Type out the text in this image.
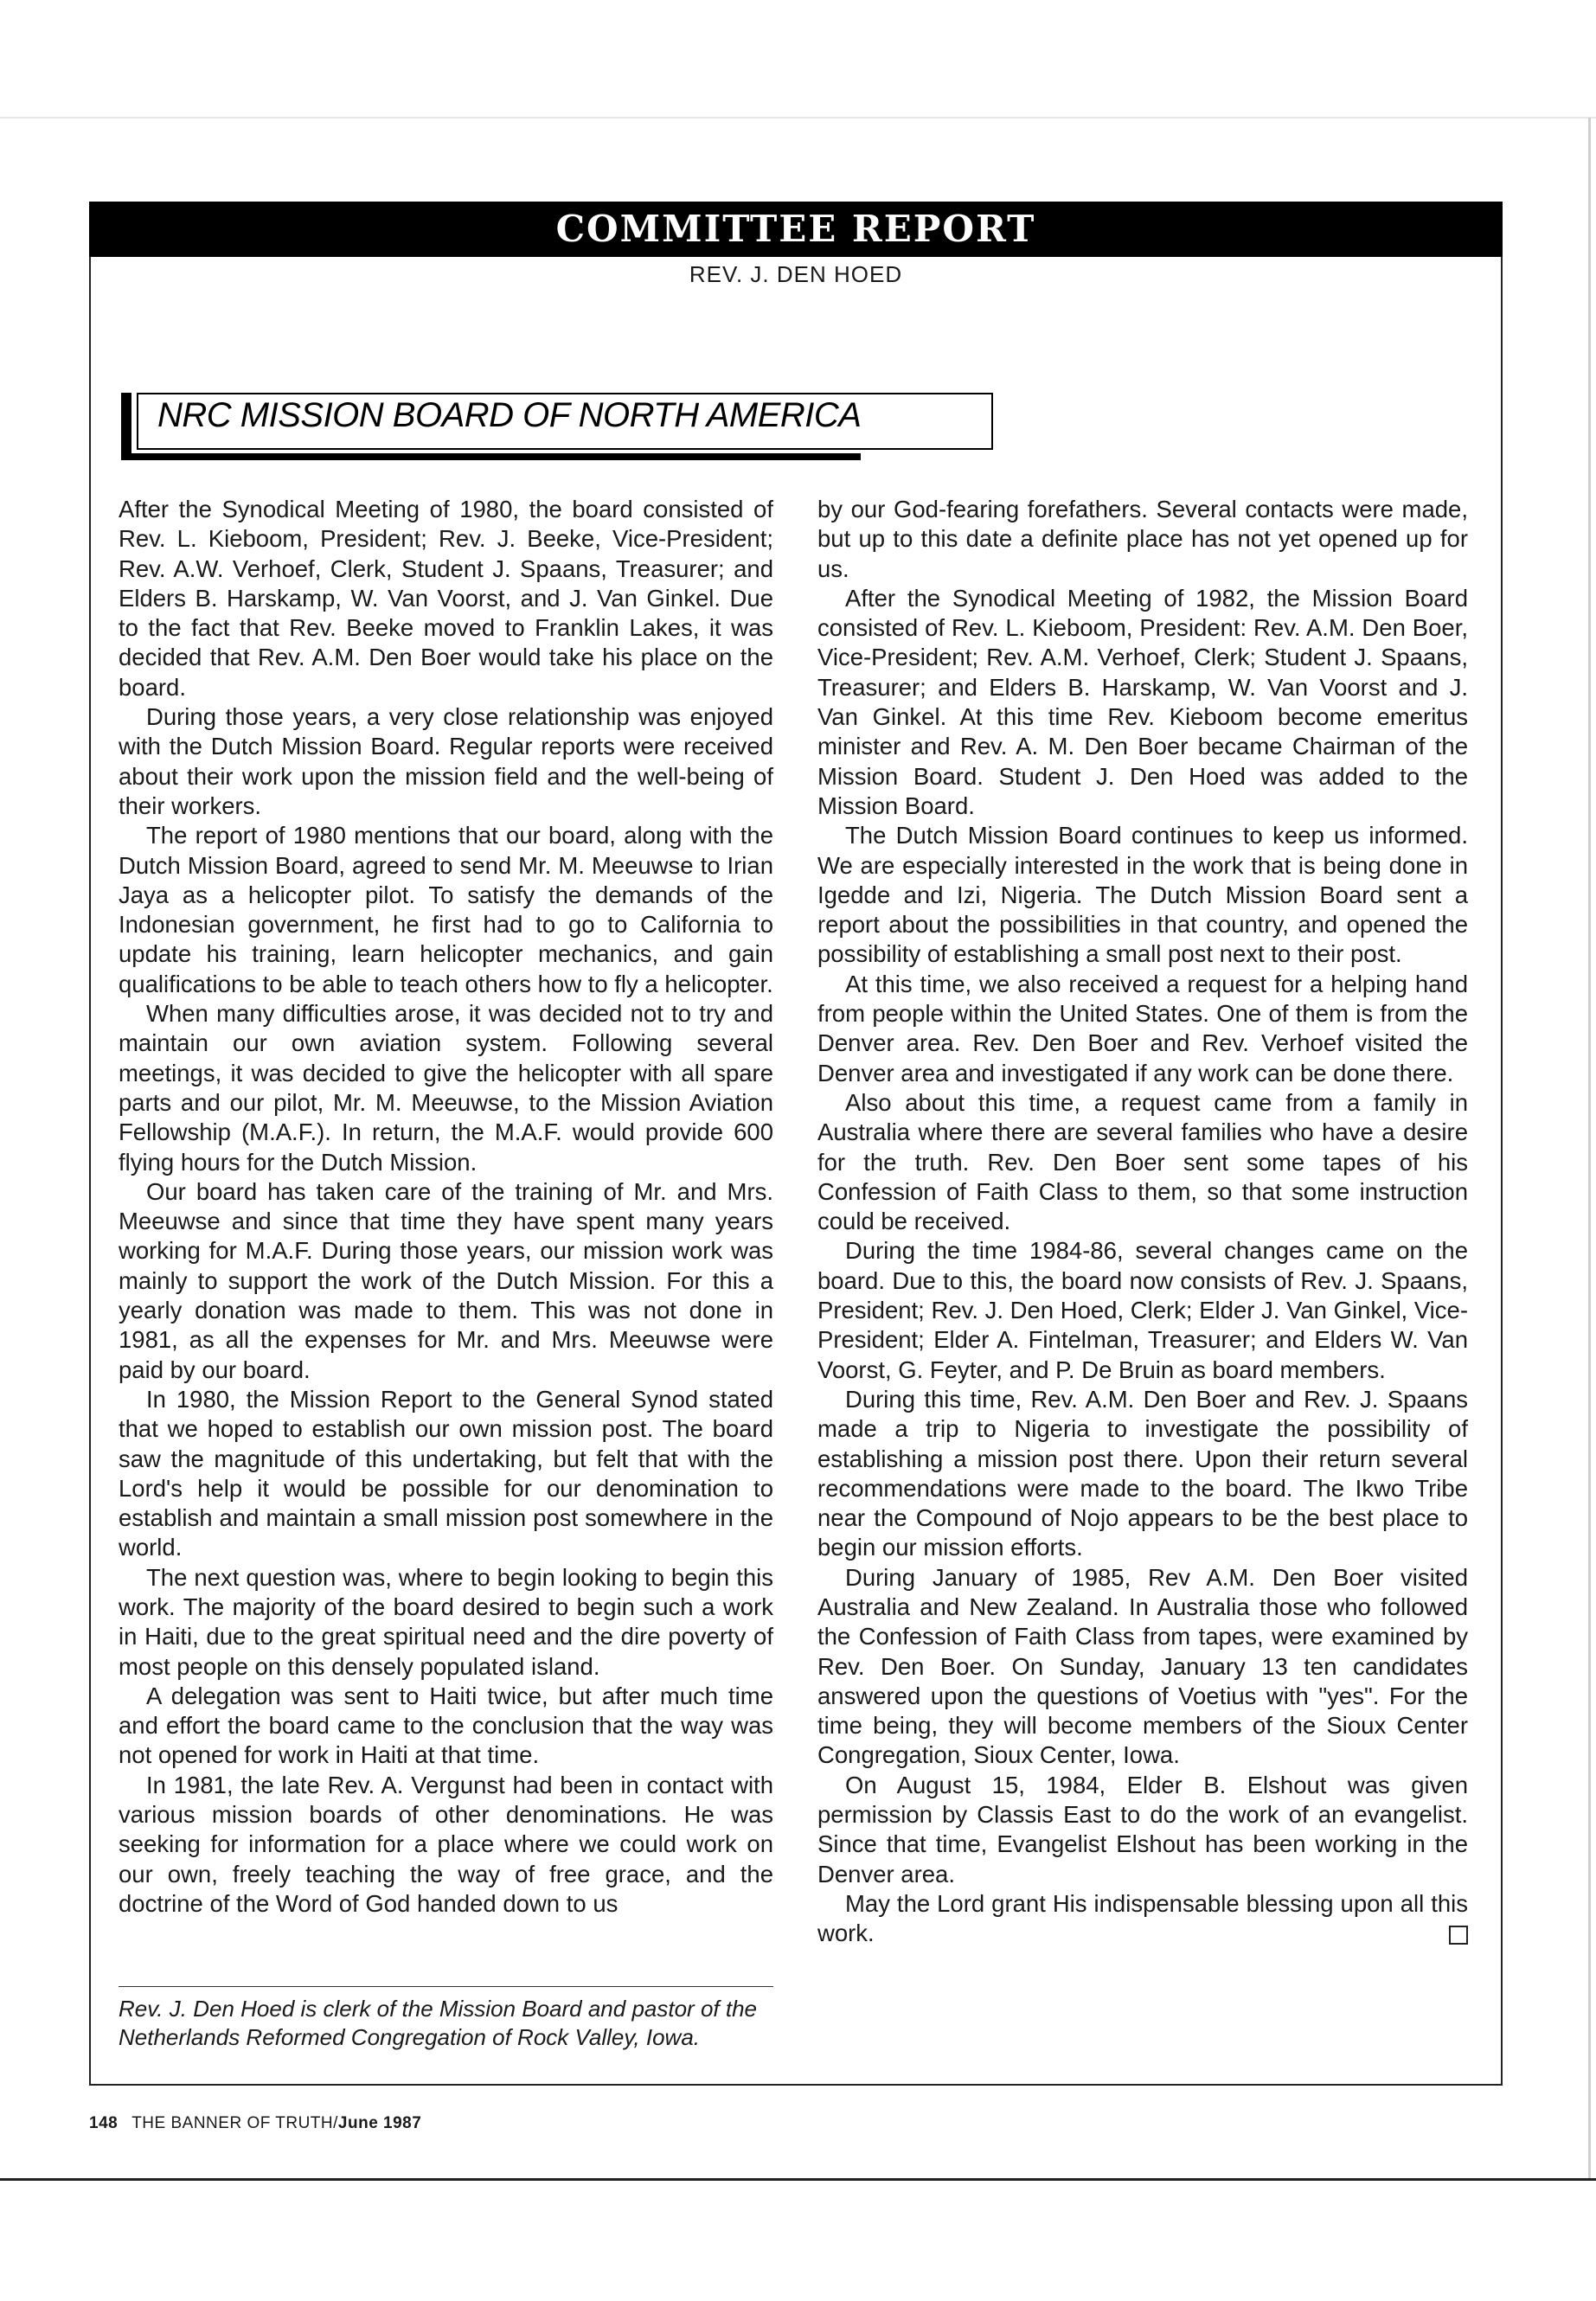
COMMITTEE REPORT
REV. J. DEN HOED
NRC MISSION BOARD OF NORTH AMERICA

After the Synodical Meeting of 1980, the board consisted of Rev. L. Kieboom, President; Rev. J. Beeke, Vice-President; Rev. A.W. Verhoef, Clerk, Student J. Spaans, Treasurer; and Elders B. Harskamp, W. Van Voorst, and J. Van Ginkel. Due to the fact that Rev. Beeke moved to Franklin Lakes, it was decided that Rev. A.M. Den Boer would take his place on the board.

During those years, a very close relationship was enjoyed with the Dutch Mission Board. Regular reports were received about their work upon the mission field and the well-being of their workers.

The report of 1980 mentions that our board, along with the Dutch Mission Board, agreed to send Mr. M. Meeuwse to Irian Jaya as a helicopter pilot. To satisfy the demands of the Indonesian government, he first had to go to California to update his training, learn helicopter mechanics, and gain qualifications to be able to teach others how to fly a helicopter.

When many difficulties arose, it was decided not to try and maintain our own aviation system. Following several meetings, it was decided to give the helicopter with all spare parts and our pilot, Mr. M. Meeuwse, to the Mission Aviation Fellowship (M.A.F.). In return, the M.A.F. would provide 600 flying hours for the Dutch Mission.

Our board has taken care of the training of Mr. and Mrs. Meeuwse and since that time they have spent many years working for M.A.F. During those years, our mission work was mainly to support the work of the Dutch Mission. For this a yearly donation was made to them. This was not done in 1981, as all the expenses for Mr. and Mrs. Meeuwse were paid by our board.

In 1980, the Mission Report to the General Synod stated that we hoped to establish our own mission post. The board saw the magnitude of this undertaking, but felt that with the Lord's help it would be possible for our denomination to establish and maintain a small mission post somewhere in the world.

The next question was, where to begin looking to begin this work. The majority of the board desired to begin such a work in Haiti, due to the great spiritual need and the dire poverty of most people on this densely populated island.

A delegation was sent to Haiti twice, but after much time and effort the board came to the conclusion that the way was not opened for work in Haiti at that time.

In 1981, the late Rev. A. Vergunst had been in contact with various mission boards of other denominations. He was seeking for information for a place where we could work on our own, freely teaching the way of free grace, and the doctrine of the Word of God handed down to us

Rev. J. Den Hoed is clerk of the Mission Board and pastor of the Netherlands Reformed Congregation of Rock Valley, Iowa.

by our God-fearing forefathers. Several contacts were made, but up to this date a definite place has not yet opened up for us.

After the Synodical Meeting of 1982, the Mission Board consisted of Rev. L. Kieboom, President: Rev. A.M. Den Boer, Vice-President; Rev. A.M. Verhoef, Clerk; Student J. Spaans, Treasurer; and Elders B. Harskamp, W. Van Voorst and J. Van Ginkel. At this time Rev. Kieboom become emeritus minister and Rev. A. M. Den Boer became Chairman of the Mission Board. Student J. Den Hoed was added to the Mission Board.

The Dutch Mission Board continues to keep us informed. We are especially interested in the work that is being done in Igedde and Izi, Nigeria. The Dutch Mission Board sent a report about the possibilities in that country, and opened the possibility of establishing a small post next to their post.

At this time, we also received a request for a helping hand from people within the United States. One of them is from the Denver area. Rev. Den Boer and Rev. Verhoef visited the Denver area and investigated if any work can be done there.

Also about this time, a request came from a family in Australia where there are several families who have a desire for the truth. Rev. Den Boer sent some tapes of his Confession of Faith Class to them, so that some instruction could be received.

During the time 1984-86, several changes came on the board. Due to this, the board now consists of Rev. J. Spaans, President; Rev. J. Den Hoed, Clerk; Elder J. Van Ginkel, Vice-President; Elder A. Fintelman, Treasurer; and Elders W. Van Voorst, G. Feyter, and P. De Bruin as board members.

During this time, Rev. A.M. Den Boer and Rev. J. Spaans made a trip to Nigeria to investigate the possibility of establishing a mission post there. Upon their return several recommendations were made to the board. The Ikwo Tribe near the Compound of Nojo appears to be the best place to begin our mission efforts.

During January of 1985, Rev A.M. Den Boer visited Australia and New Zealand. In Australia those who followed the Confession of Faith Class from tapes, were examined by Rev. Den Boer. On Sunday, January 13 ten candidates answered upon the questions of Voetius with "yes". For the time being, they will become members of the Sioux Center Congregation, Sioux Center, Iowa.

On August 15, 1984, Elder B. Elshout was given permission by Classis East to do the work of an evangelist. Since that time, Evangelist Elshout has been working in the Denver area.

May the Lord grant His indispensable blessing upon all this work.

148 THE BANNER OF TRUTH/June 1987
